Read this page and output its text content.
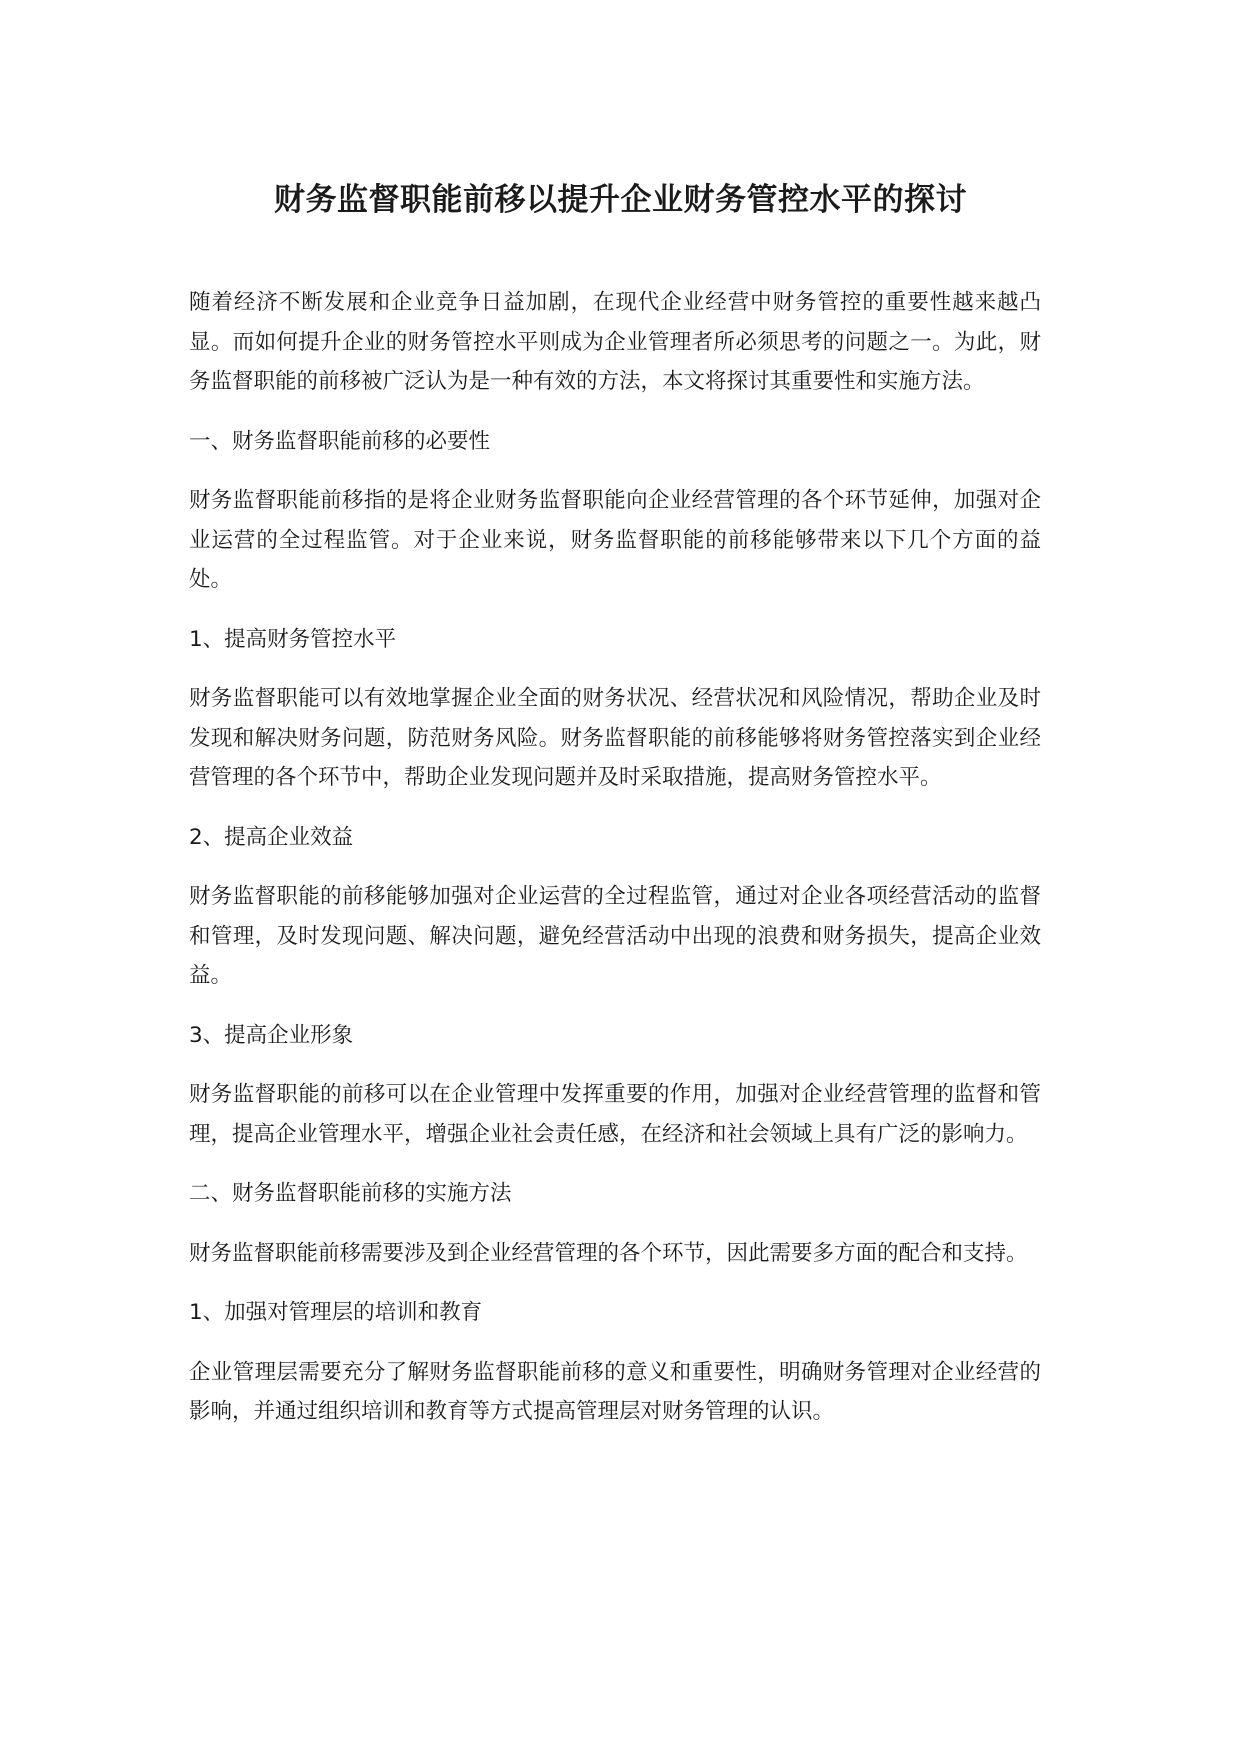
财务监督职能前移以提升企业财务管控水平的探讨

随着经济不断发展和企业竞争日益加剧，在现代企业经营中财务管控的重要性越来越凸显。而如何提升企业的财务管控水平则成为企业管理者所必须思考的问题之一。为此，财务监督职能的前移被广泛认为是一种有效的方法，本文将探讨其重要性和实施方法。

一、财务监督职能前移的必要性

财务监督职能前移指的是将企业财务监督职能向企业经营管理的各个环节延伸，加强对企业运营的全过程监管。对于企业来说，财务监督职能的前移能够带来以下几个方面的益处。

1、提高财务管控水平

财务监督职能可以有效地掌握企业全面的财务状况、经营状况和风险情况，帮助企业及时发现和解决财务问题，防范财务风险。财务监督职能的前移能够将财务管控落实到企业经营管理的各个环节中，帮助企业发现问题并及时采取措施，提高财务管控水平。

2、提高企业效益

财务监督职能的前移能够加强对企业运营的全过程监管，通过对企业各项经营活动的监督和管理，及时发现问题、解决问题，避免经营活动中出现的浪费和财务损失，提高企业效益。

3、提高企业形象

财务监督职能的前移可以在企业管理中发挥重要的作用，加强对企业经营管理的监督和管理，提高企业管理水平，增强企业社会责任感，在经济和社会领域上具有广泛的影响力。

二、财务监督职能前移的实施方法

财务监督职能前移需要涉及到企业经营管理的各个环节，因此需要多方面的配合和支持。

1、加强对管理层的培训和教育

企业管理层需要充分了解财务监督职能前移的意义和重要性，明确财务管理对企业经营的影响，并通过组织培训和教育等方式提高管理层对财务管理的认识。
